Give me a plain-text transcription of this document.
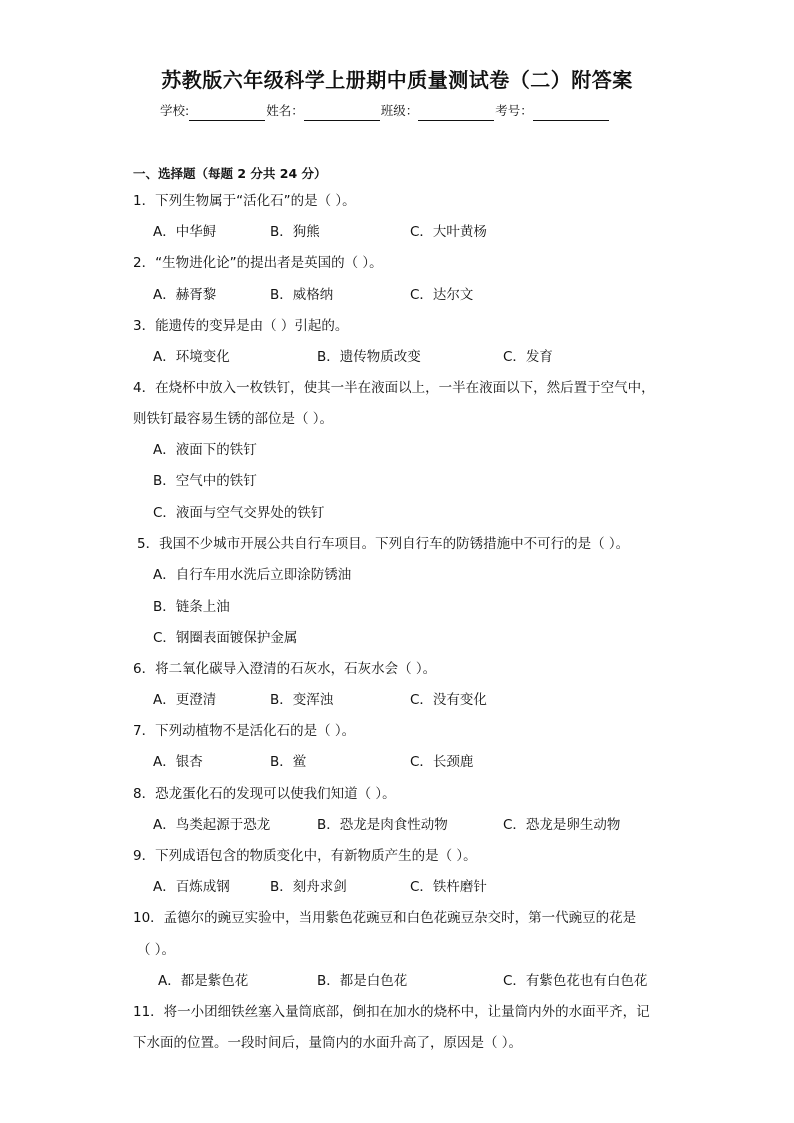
苏教版六年级科学上册期中质量测试卷（二）附答案
学校:	姓名：	班级：	考号：
一、选择题（每题 2 分共 24 分）
1．下列生物属于“活化石”的是（ ）。
A．中华鲟	B．狗熊	C．大叶黄杨
2．“生物进化论”的提出者是英国的（ ）。
A．赫胥黎	B．威格纳	C．达尔文
3．能遗传的变异是由（ ）引起的。
A．环境变化	B．遗传物质改变	C．发育
4．在烧杯中放入一枚铁钉，使其一半在液面以上，一半在液面以下，然后置于空气中，
则铁钉最容易生锈的部位是（ ）。
A．液面下的铁钉
B．空气中的铁钉
C．液面与空气交界处的铁钉
5．我国不少城市开展公共自行车项目。下列自行车的防锈措施中不可行的是（ ）。
A．自行车用水洗后立即涂防锈油
B．链条上油
C．钢圈表面镀保护金属
6．将二氧化碳导入澄清的石灰水，石灰水会（ ）。
A．更澄清	B．变浑浊	C．没有变化
7．下列动植物不是活化石的是（ ）。
A．银杏	B．鲎	C．长颈鹿
8．恐龙蛋化石的发现可以使我们知道（ ）。
A．鸟类起源于恐龙	B．恐龙是肉食性动物	C．恐龙是卵生动物
9．下列成语包含的物质变化中，有新物质产生的是（ ）。
A．百炼成钢	B．刻舟求剑	C．铁杵磨针
10．孟德尔的豌豆实验中，当用紫色花豌豆和白色花豌豆杂交时，第一代豌豆的花是
（ ）。
A．都是紫色花	B．都是白色花	C．有紫色花也有白色花
11．将一小团细铁丝塞入量筒底部，倒扣在加水的烧杯中，让量筒内外的水面平齐，记
下水面的位置。一段时间后，量筒内的水面升高了，原因是（ ）。
